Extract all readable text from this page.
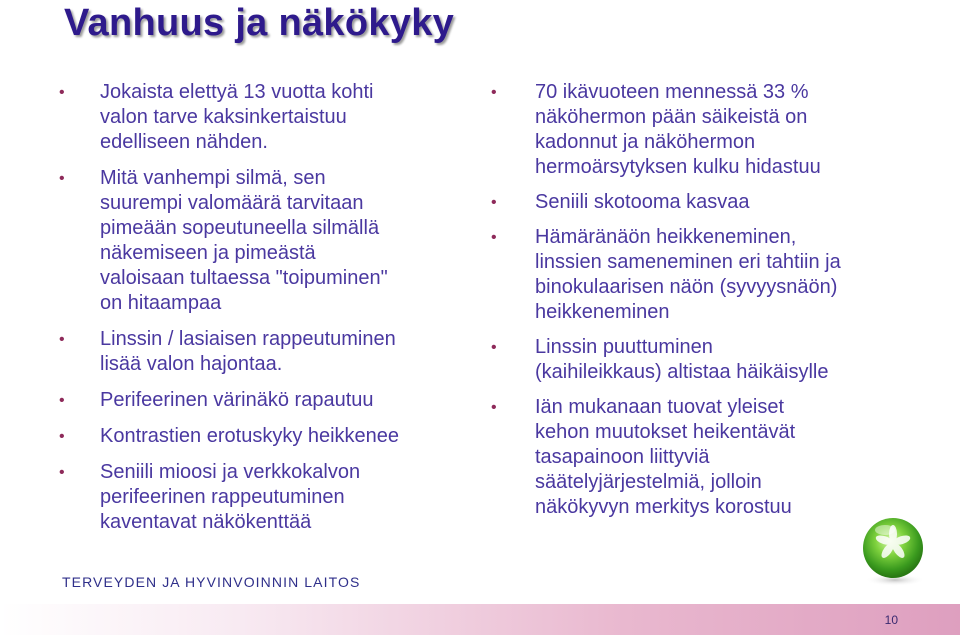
Vanhuus ja näkökyky
• Jokaista elettyä 13 vuotta kohti
valon tarve kaksinkertaistuu
edelliseen nähden.
• Mitä vanhempi silmä, sen
suurempi valomäärä tarvitaan
pimeään sopeutuneella silmällä
näkemiseen ja pimeästä
valoisaan tultaessa "toipuminen"
on hitaampaa
• Linssin / lasiaisen rappeutuminen
lisää valon hajontaa.
• Perifeerinen värinäkö rapautuu
• Kontrastien erotuskyky heikkenee
• Seniili mioosi ja verkkokalvon
perifeerinen rappeutuminen
kaventavat näkökenttää
• 70 ikävuoteen mennessä 33 %
näköhermon pään säikeistä on
kadonnut ja näköhermon
hermoärsytyksen kulku hidastuu
• Seniili skotooma kasvaa
• Hämäränäön heikkeneminen,
linssien sameneminen eri tahtiin ja
binokulaarisen näön (syvyysnäön)
heikkeneminen
• Linssin puuttuminen
(kaihileikkaus) altistaa häikäisylle
• Iän mukanaan tuovat yleiset
kehon muutokset heikentävät
tasapainoon liittyviä
säätelyjärjestelmiä, jolloin
näkökyvyn merkitys korostuu
TERVEYDEN JA HYVINVOINNIN LAITOS
10
